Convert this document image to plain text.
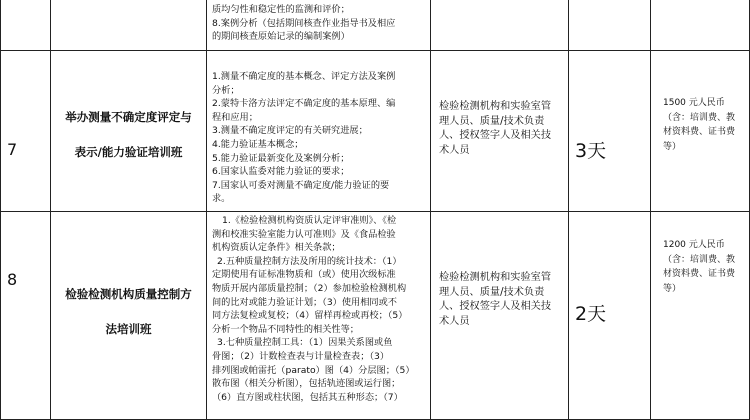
质均匀性和稳定性的监测和评价；
8.案例分析（包括期间核查作业指导书及相应
的期间核查原始记录的编制案例）
7
举办测量不确定度评定与
表示/能力验证培训班
1.测量不确定度的基本概念、评定方法及案例
分析；
2.蒙特卡洛方法评定不确定度的基本原理、编
程和应用；
3.测量不确定度评定的有关研究进展；
4.能力验证基本概念；
5.能力验证最新变化及案例分析；
6.国家认监委对能力验证的要求；
7.国家认可委对测量不确定度/能力验证的要
求。
检验检测机构和实验室管
理人员、质量/技术负责
人、授权签字人及相关技
术人员	3天
1500 元人民币
（含：培训费、教
材资料费、证书费
等）
8
检验检测机构质量控制方
法培训班
1.《检验检测机构资质认定评审准则》、《检
测和校准实验室能力认可准则》及《食品检验
机构资质认定条件》相关条款；
2.五种质量控制方法及所用的统计技术：（1）
定期使用有证标准物质和（或）使用次级标准
物质开展内部质量控制；（2）参加检验检测机构
间的比对或能力验证计划；（3）使用相同或不
同方法复检或复校；（4）留样再检或再校；（5）
分析一个物品不同特性的相关性等；
3.七种质量控制工具：（1）因果关系图或鱼
骨图；（2）计数检查表与计量检查表；（3）
排列图或帕雷托（parato）图（4）分层图；（5）
散布图（相关分析图），包括轨迹图或运行图；
（6）直方图或柱状图，包括其五种形态；（7）
检验检测机构和实验室管
理人员、质量/技术负责
人、授权签字人及相关技
术人员	2天
1200 元人民币
（含：培训费、教
材资料费、证书费
等）
